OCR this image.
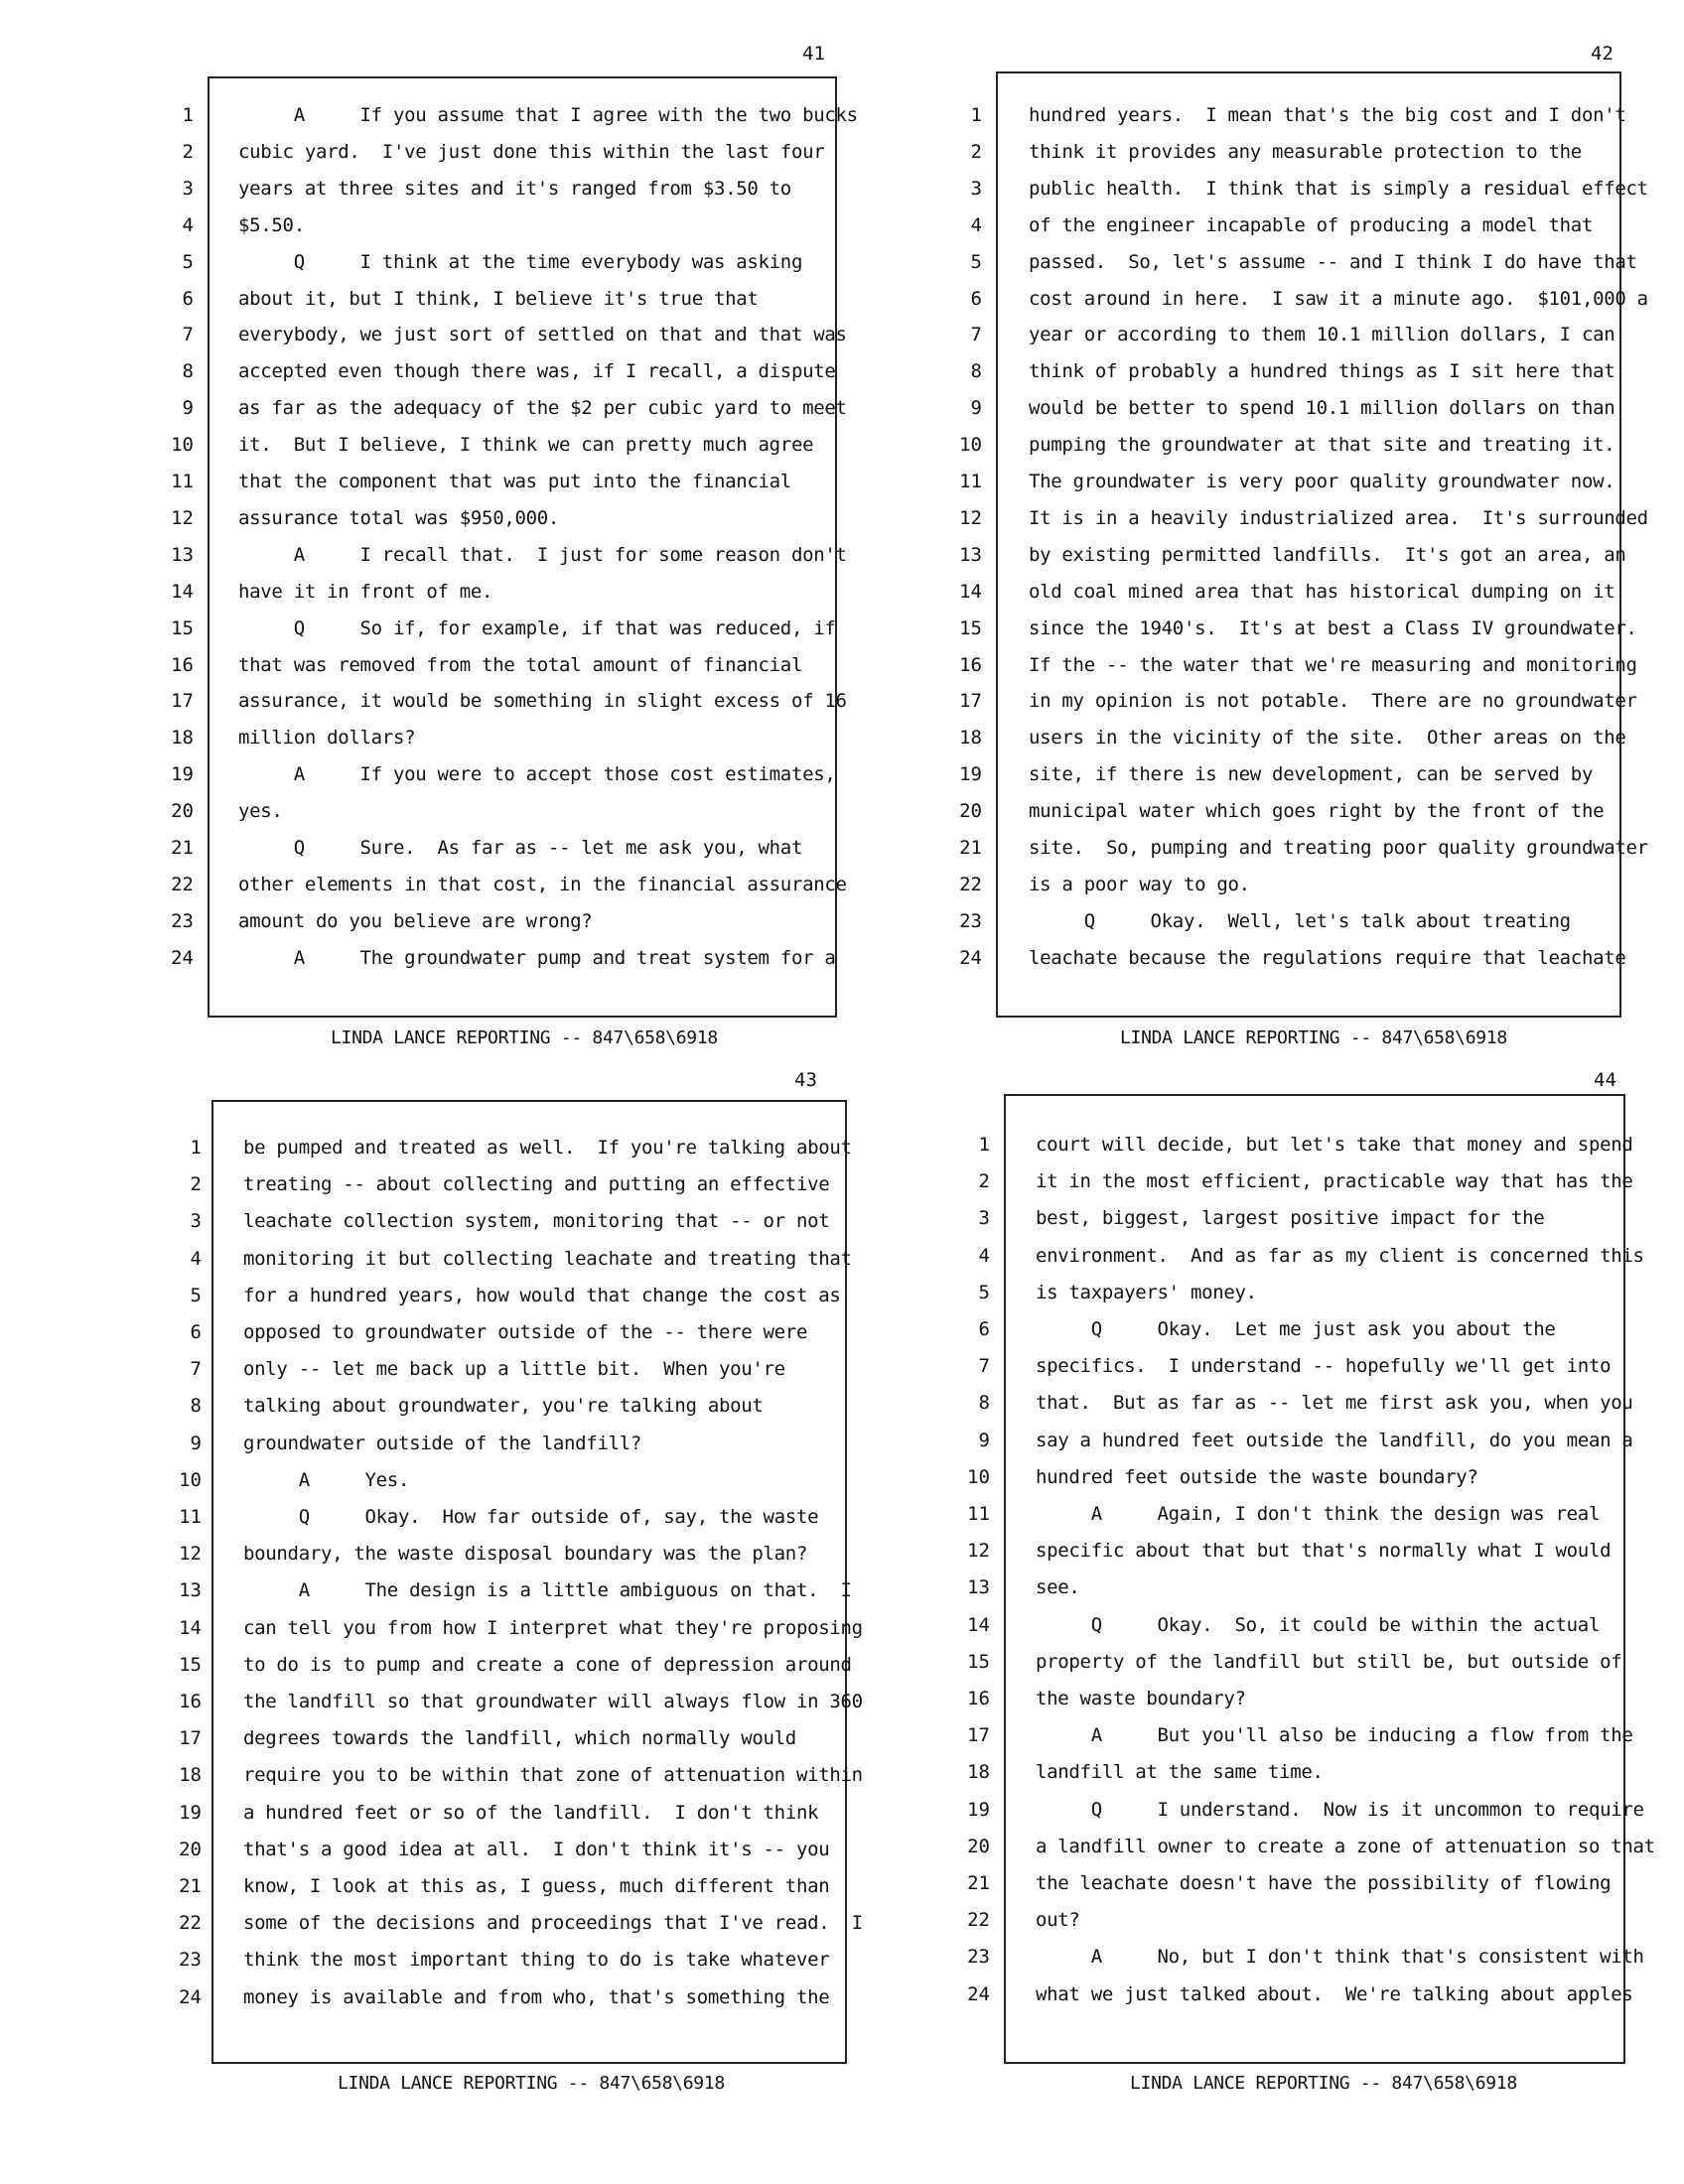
41
1 A     If you assume that I agree with the two bucks
2 cubic yard.  I've just done this within the last four
3 years at three sites and it's ranged from $3.50 to
4 $5.50.
5 Q     I think at the time everybody was asking
6 about it, but I think, I believe it's true that
7 everybody, we just sort of settled on that and that was
8 accepted even though there was, if I recall, a dispute
9 as far as the adequacy of the $2 per cubic yard to meet
10 it.  But I believe, I think we can pretty much agree
11 that the component that was put into the financial
12 assurance total was $950,000.
13 A     I recall that.  I just for some reason don't
14 have it in front of me.
15 Q     So if, for example, if that was reduced, if
16 that was removed from the total amount of financial
17 assurance, it would be something in slight excess of 16
18 million dollars?
19 A     If you were to accept those cost estimates,
20 yes.
21 Q     Sure.  As far as -- let me ask you, what
22 other elements in that cost, in the financial assurance
23 amount do you believe are wrong?
24 A     The groundwater pump and treat system for a
LINDA LANCE REPORTING -- 847\658\6918
42
1 hundred years.  I mean that's the big cost and I don't
2 think it provides any measurable protection to the
3 public health.  I think that is simply a residual effect
4 of the engineer incapable of producing a model that
5 passed.  So, let's assume -- and I think I do have that
6 cost around in here.  I saw it a minute ago.  $101,000 a
7 year or according to them 10.1 million dollars, I can
8 think of probably a hundred things as I sit here that
9 would be better to spend 10.1 million dollars on than
10 pumping the groundwater at that site and treating it.
11 The groundwater is very poor quality groundwater now.
12 It is in a heavily industrialized area.  It's surrounded
13 by existing permitted landfills.  It's got an area, an
14 old coal mined area that has historical dumping on it
15 since the 1940's.  It's at best a Class IV groundwater.
16 If the -- the water that we're measuring and monitoring
17 in my opinion is not potable.  There are no groundwater
18 users in the vicinity of the site.  Other areas on the
19 site, if there is new development, can be served by
20 municipal water which goes right by the front of the
21 site.  So, pumping and treating poor quality groundwater
22 is a poor way to go.
23 Q     Okay.  Well, let's talk about treating
24 leachate because the regulations require that leachate
LINDA LANCE REPORTING -- 847\658\6918
43
1 be pumped and treated as well.  If you're talking about
2 treating -- about collecting and putting an effective
3 leachate collection system, monitoring that -- or not
4 monitoring it but collecting leachate and treating that
5 for a hundred years, how would that change the cost as
6 opposed to groundwater outside of the -- there were
7 only -- let me back up a little bit.  When you're
8 talking about groundwater, you're talking about
9 groundwater outside of the landfill?
10 A     Yes.
11 Q     Okay.  How far outside of, say, the waste
12 boundary, the waste disposal boundary was the plan?
13 A     The design is a little ambiguous on that.  I
14 can tell you from how I interpret what they're proposing
15 to do is to pump and create a cone of depression around
16 the landfill so that groundwater will always flow in 360
17 degrees towards the landfill, which normally would
18 require you to be within that zone of attenuation within
19 a hundred feet or so of the landfill.  I don't think
20 that's a good idea at all.  I don't think it's -- you
21 know, I look at this as, I guess, much different than
22 some of the decisions and proceedings that I've read.  I
23 think the most important thing to do is take whatever
24 money is available and from who, that's something the
LINDA LANCE REPORTING -- 847\658\6918
44
1 court will decide, but let's take that money and spend
2 it in the most efficient, practicable way that has the
3 best, biggest, largest positive impact for the
4 environment.  And as far as my client is concerned this
5 is taxpayers' money.
6 Q     Okay.  Let me just ask you about the
7 specifics.  I understand -- hopefully we'll get into
8 that.  But as far as -- let me first ask you, when you
9 say a hundred feet outside the landfill, do you mean a
10 hundred feet outside the waste boundary?
11 A     Again, I don't think the design was real
12 specific about that but that's normally what I would
13 see.
14 Q     Okay.  So, it could be within the actual
15 property of the landfill but still be, but outside of
16 the waste boundary?
17 A     But you'll also be inducing a flow from the
18 landfill at the same time.
19 Q     I understand.  Now is it uncommon to require
20 a landfill owner to create a zone of attenuation so that
21 the leachate doesn't have the possibility of flowing
22 out?
23 A     No, but I don't think that's consistent with
24 what we just talked about.  We're talking about apples
LINDA LANCE REPORTING -- 847\658\6918
